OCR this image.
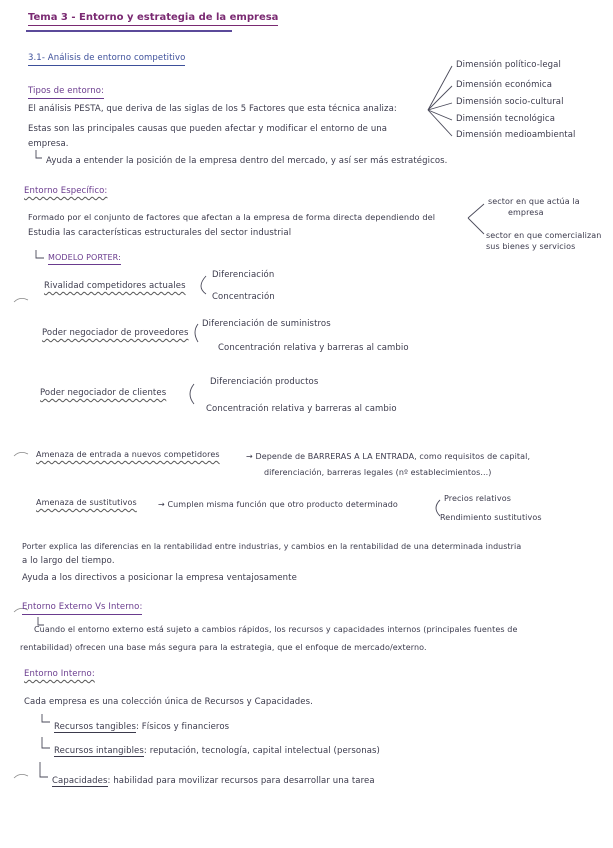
Tema 3 - Entorno y estrategia de la empresa
3.1- Análisis de entorno competitivo
Tipos de entorno:
El análisis PESTA, que deriva de las siglas de los 5 Factores que esta técnica analiza:
Estas son las principales causas que pueden afectar y modificar el entorno de una
empresa.
Ayuda a entender la posición de la empresa dentro del mercado, y así ser más estratégicos.
Dimensión político-legal
Dimensión económica
Dimensión socio-cultural
Dimensión tecnológica
Dimensión medioambiental
Entorno Específico:
Formado por el conjunto de factores que afectan a la empresa de forma directa dependiendo del
Estudia las características estructurales del sector industrial
sector en que actúa la
empresa
sector en que comercializan
sus bienes y servicios
MODELO PORTER:
Rivalidad competidores actuales
Diferenciación
Concentración
Poder negociador de proveedores
Diferenciación de suministros
Concentración relativa y barreras al cambio
Poder negociador de clientes
Diferenciación productos
Concentración relativa y barreras al cambio
Amenaza de entrada a nuevos competidores	→ Depende de BARRERAS A LA ENTRADA, como requisitos de capital,
diferenciación, barreras legales (nº establecimientos...)
Amenaza de sustitutivos	→ Cumplen misma función que otro producto determinado
Precios relativos
Rendimiento sustitutivos
Porter explica las diferencias en la rentabilidad entre industrias, y cambios en la rentabilidad de una determinada industria
a lo largo del tiempo.
Ayuda a los directivos a posicionar la empresa ventajosamente
Entorno Externo Vs Interno:
Cuando el entorno externo está sujeto a cambios rápidos, los recursos y capacidades internos (principales fuentes de
rentabilidad) ofrecen una base más segura para la estrategia, que el enfoque de mercado/externo.
Entorno Interno:
Cada empresa es una colección única de Recursos y Capacidades.
Recursos tangibles: Físicos y financieros
Recursos intangibles: reputación, tecnología, capital intelectual (personas)
Capacidades: habilidad para movilizar recursos para desarrollar una tarea
